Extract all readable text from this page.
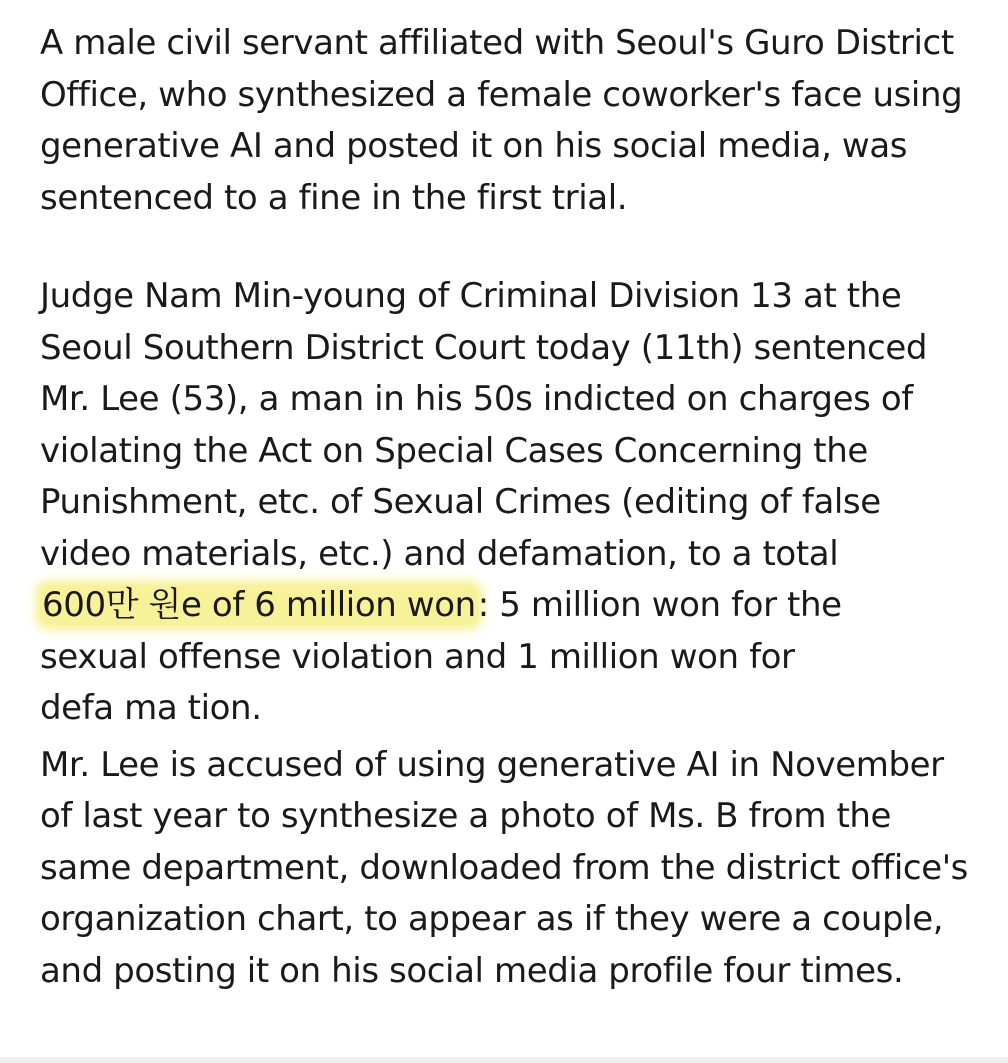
A male civil servant affiliated with Seoul's Guro District
Office, who synthesized a female coworker's face using
generative AI and posted it on his social media, was
sentenced to a fine in the first trial.

Judge Nam Min-young of Criminal Division 13 at the
Seoul Southern District Court today (11th) sentenced
Mr. Lee (53), a man in his 50s indicted on charges of
violating the Act on Special Cases Concerning the
Punishment, etc. of Sexual Crimes (editing of false
video materials, etc.) and defamation, to a total
600만 원e of 6 million won: 5 million won for the
sexual offense violation and 1 million won for
defa ma tion.

Mr. Lee is accused of using generative AI in November
of last year to synthesize a photo of Ms. B from the
same department, downloaded from the district office's
organization chart, to appear as if they were a couple,
and posting it on his social media profile four times.
